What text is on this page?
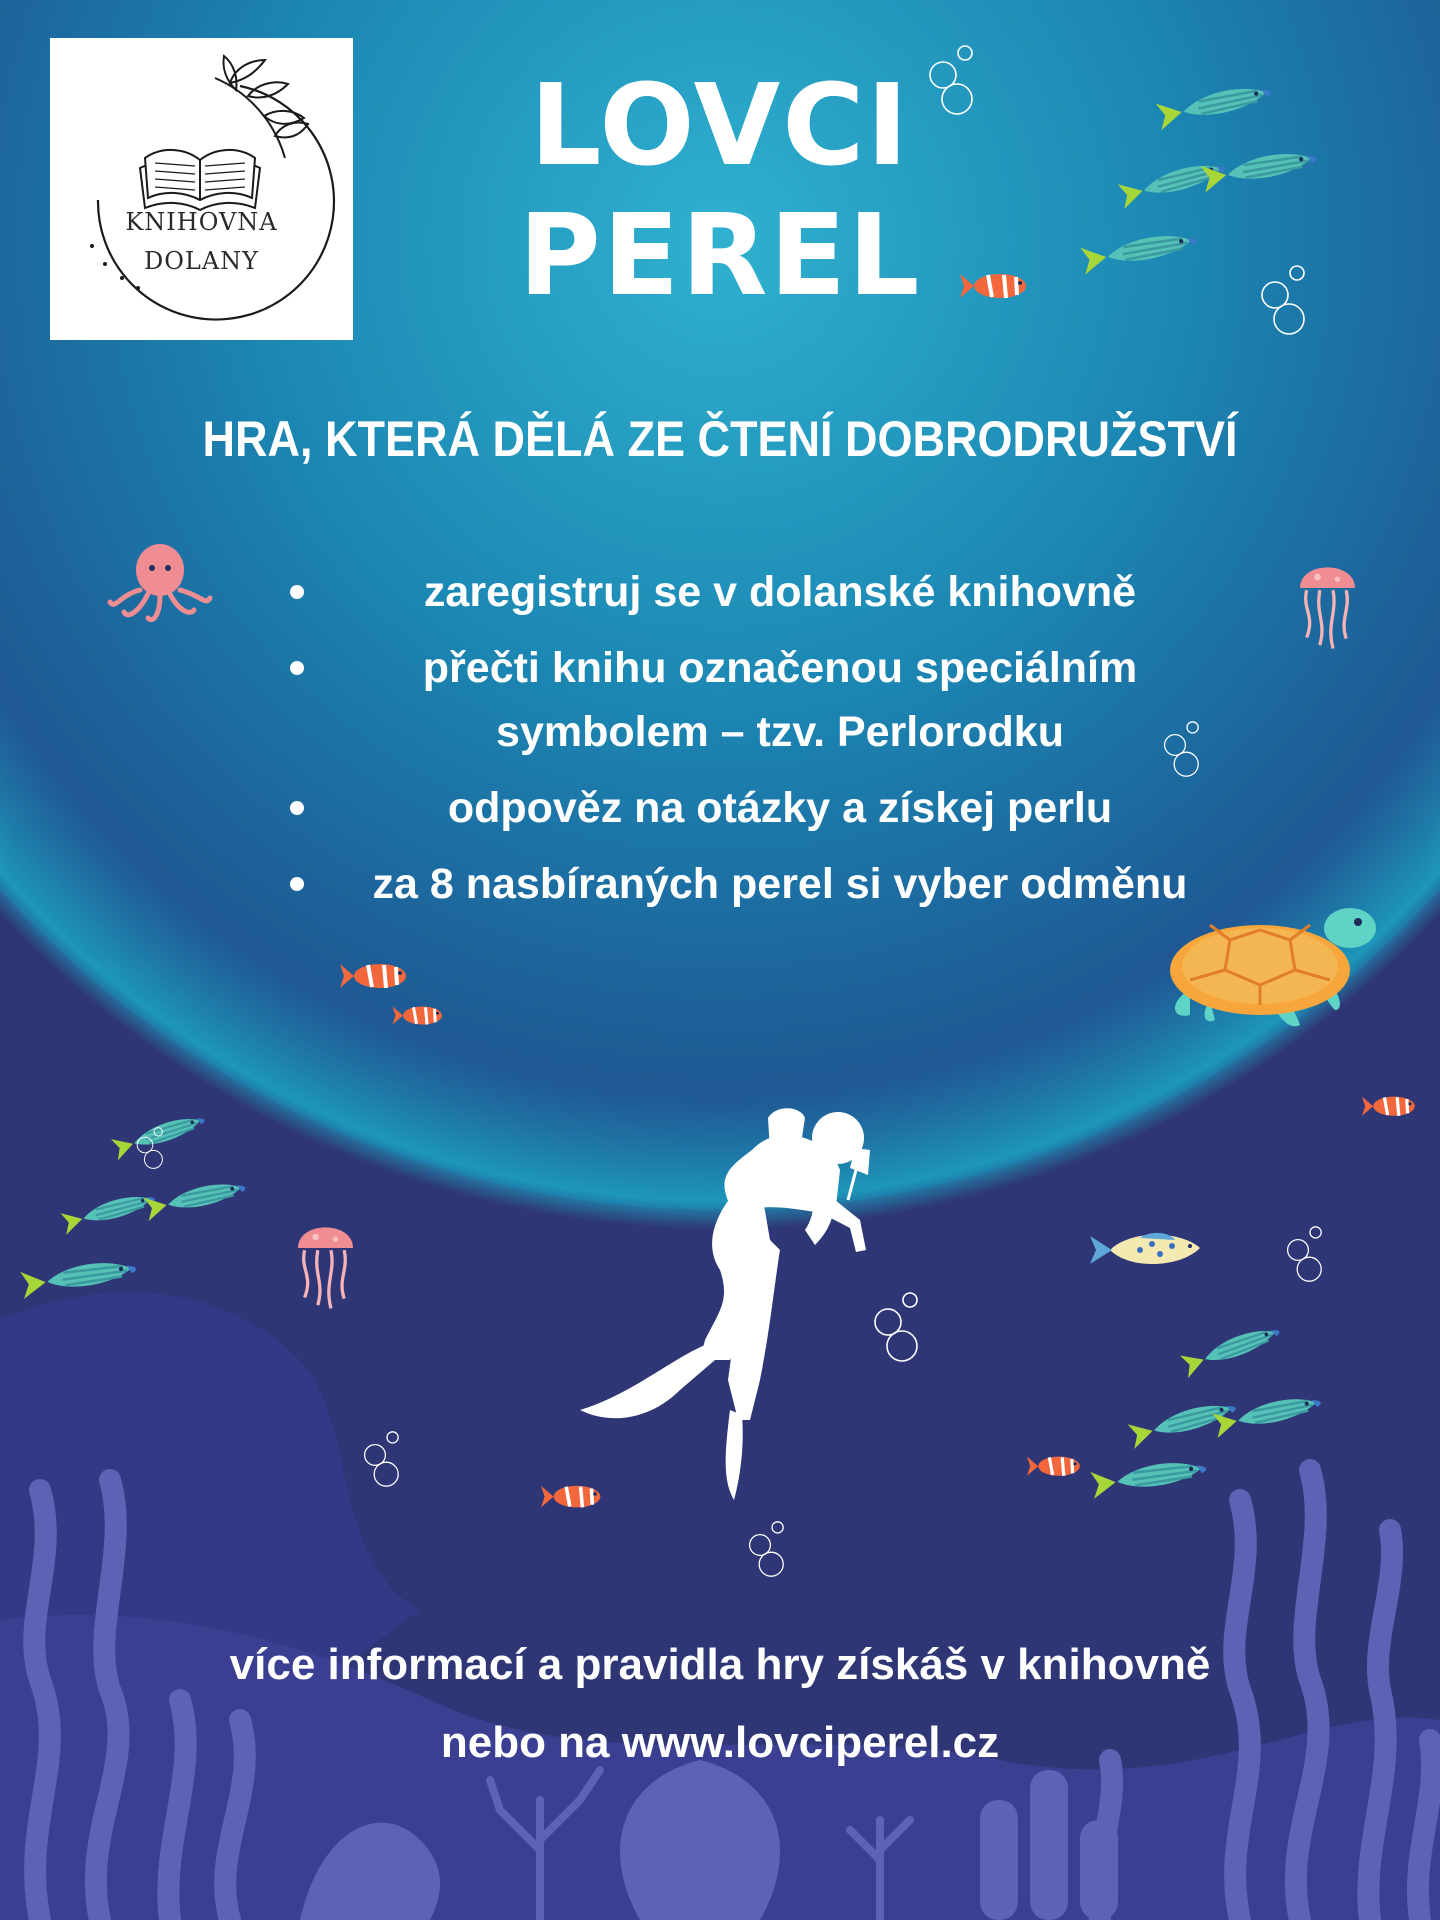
KNIHOVNA
DOLANY
LOVCI
PEREL
HRA, KTERÁ DĚLÁ ZE ČTENÍ DOBRODRUŽSTVÍ
zaregistruj se v dolanské knihovně
přečti knihu označenou speciálním symbolem – tzv. Perlorodku
odpověz na otázky a získej perlu
za 8 nasbíraných perel si vyber odměnu
více informací a pravidla hry získáš v knihovně
nebo na www.lovciperel.cz
